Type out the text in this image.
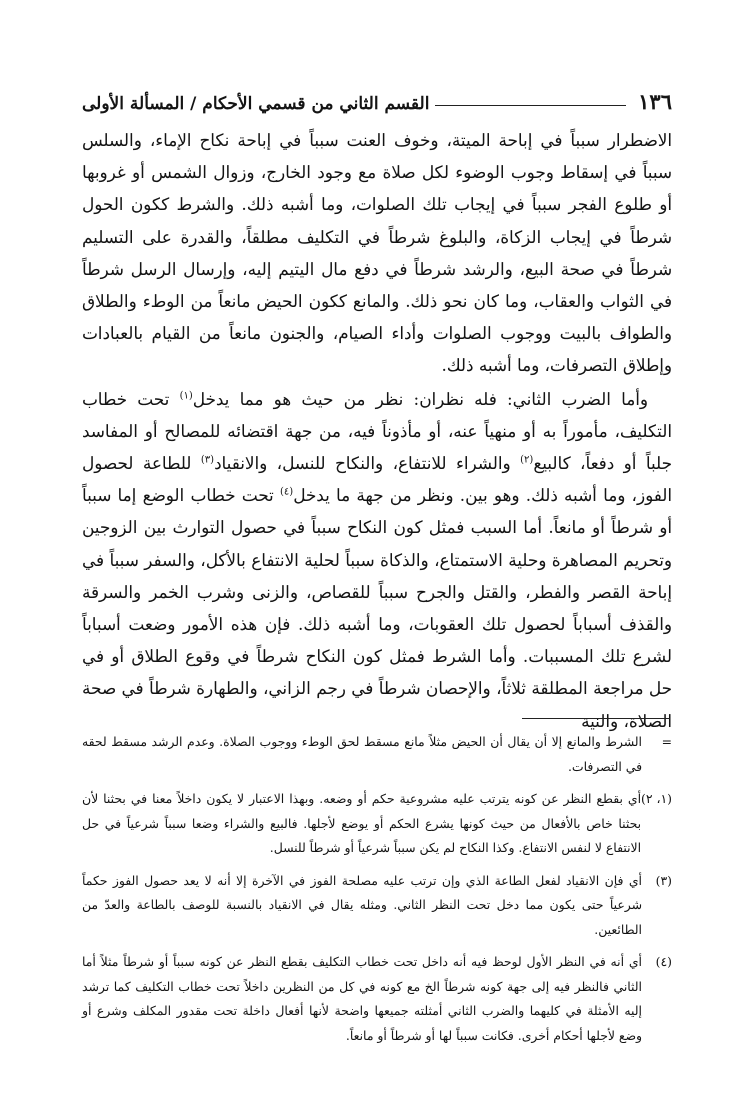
١٣٦
القسم الثاني من قسمي الأحكام / المسألة الأولى

الاضطرار سبباً في إباحة الميتة، وخوف العنت سبباً في إباحة نكاح الإماء، والسلس سبباً في إسقاط وجوب الوضوء لكل صلاة مع وجود الخارج، وزوال الشمس أو غروبها أو طلوع الفجر سبباً في إيجاب تلك الصلوات، وما أشبه ذلك. والشرط ككون الحول شرطاً في إيجاب الزكاة، والبلوغ شرطاً في التكليف مطلقاً، والقدرة على التسليم شرطاً في صحة البيع، والرشد شرطاً في دفع مال اليتيم إليه، وإرسال الرسل شرطاً في الثواب والعقاب، وما كان نحو ذلك. والمانع ككون الحيض مانعاً من الوطء والطلاق والطواف بالبيت ووجوب الصلوات وأداء الصيام، والجنون مانعاً من القيام بالعبادات وإطلاق التصرفات، وما أشبه ذلك.

وأما الضرب الثاني: فله نظران: نظر من حيث هو مما يدخل$^{(١)}$ تحت خطاب التكليف، مأموراً به أو منهياً عنه، أو مأذوناً فيه، من جهة اقتضائه للمصالح أو المفاسد جلباً أو دفعاً، كالبيع$^{(٢)}$ والشراء للانتفاع، والنكاح للنسل، والانقياد$^{(٣)}$ للطاعة لحصول الفوز، وما أشبه ذلك. وهو بين. ونظر من جهة ما يدخل$^{(٤)}$ تحت خطاب الوضع إما سبباً أو شرطاً أو مانعاً. أما السبب فمثل كون النكاح سبباً في حصول التوارث بين الزوجين وتحريم المصاهرة وحلية الاستمتاع، والذكاة سبباً لحلية الانتفاع بالأكل، والسفر سبباً في إباحة القصر والفطر، والقتل والجرح سبباً للقصاص، والزنى وشرب الخمر والسرقة والقذف أسباباً لحصول تلك العقوبات، وما أشبه ذلك. فإن هذه الأمور وضعت أسباباً لشرع تلك المسببات. وأما الشرط فمثل كون النكاح شرطاً في وقوع الطلاق أو في حل مراجعة المطلقة ثلاثاً، والإحصان شرطاً في رجم الزاني، والطهارة شرطاً في صحة الصلاة، والنية

=
الشرط والمانع إلا أن يقال أن الحيض مثلاً مانع مسقط لحق الوطء ووجوب الصلاة. وعدم الرشد مسقط لحقه في التصرفات.
(١، ٢)
أي بقطع النظر عن كونه يترتب عليه مشروعية حكم أو وضعه. وبهذا الاعتبار لا يكون داخلاً معنا في بحثنا لأن بحثنا خاص بالأفعال من حيث كونها يشرع الحكم أو يوضع لأجلها. فالبيع والشراء وضعا سبباً شرعياً في حل الانتفاع لا لنفس الانتفاع. وكذا النكاح لم يكن سبباً شرعياً أو شرطاً للنسل.
(٣)
أي فإن الانقياد لفعل الطاعة الذي وإن ترتب عليه مصلحة الفوز في الآخرة إلا أنه لا يعد حصول الفوز حكماً شرعياً حتى يكون مما دخل تحت النظر الثاني. ومثله يقال في الانقياد بالنسبة للوصف بالطاعة والعدّ من الطائعين.
(٤)
أي أنه في النظر الأول لوحظ فيه أنه داخل تحت خطاب التكليف بقطع النظر عن كونه سبباً أو شرطاً مثلاً أما الثاني فالنظر فيه إلى جهة كونه شرطاً الخ مع كونه في كل من النظرين داخلاً تحت خطاب التكليف كما ترشد إليه الأمثلة في كليهما والضرب الثاني أمثلته جميعها واضحة لأنها أفعال داخلة تحت مقدور المكلف وشرع أو وضع لأجلها أحكام أخرى. فكانت سبباً لها أو شرطاً أو مانعاً.
